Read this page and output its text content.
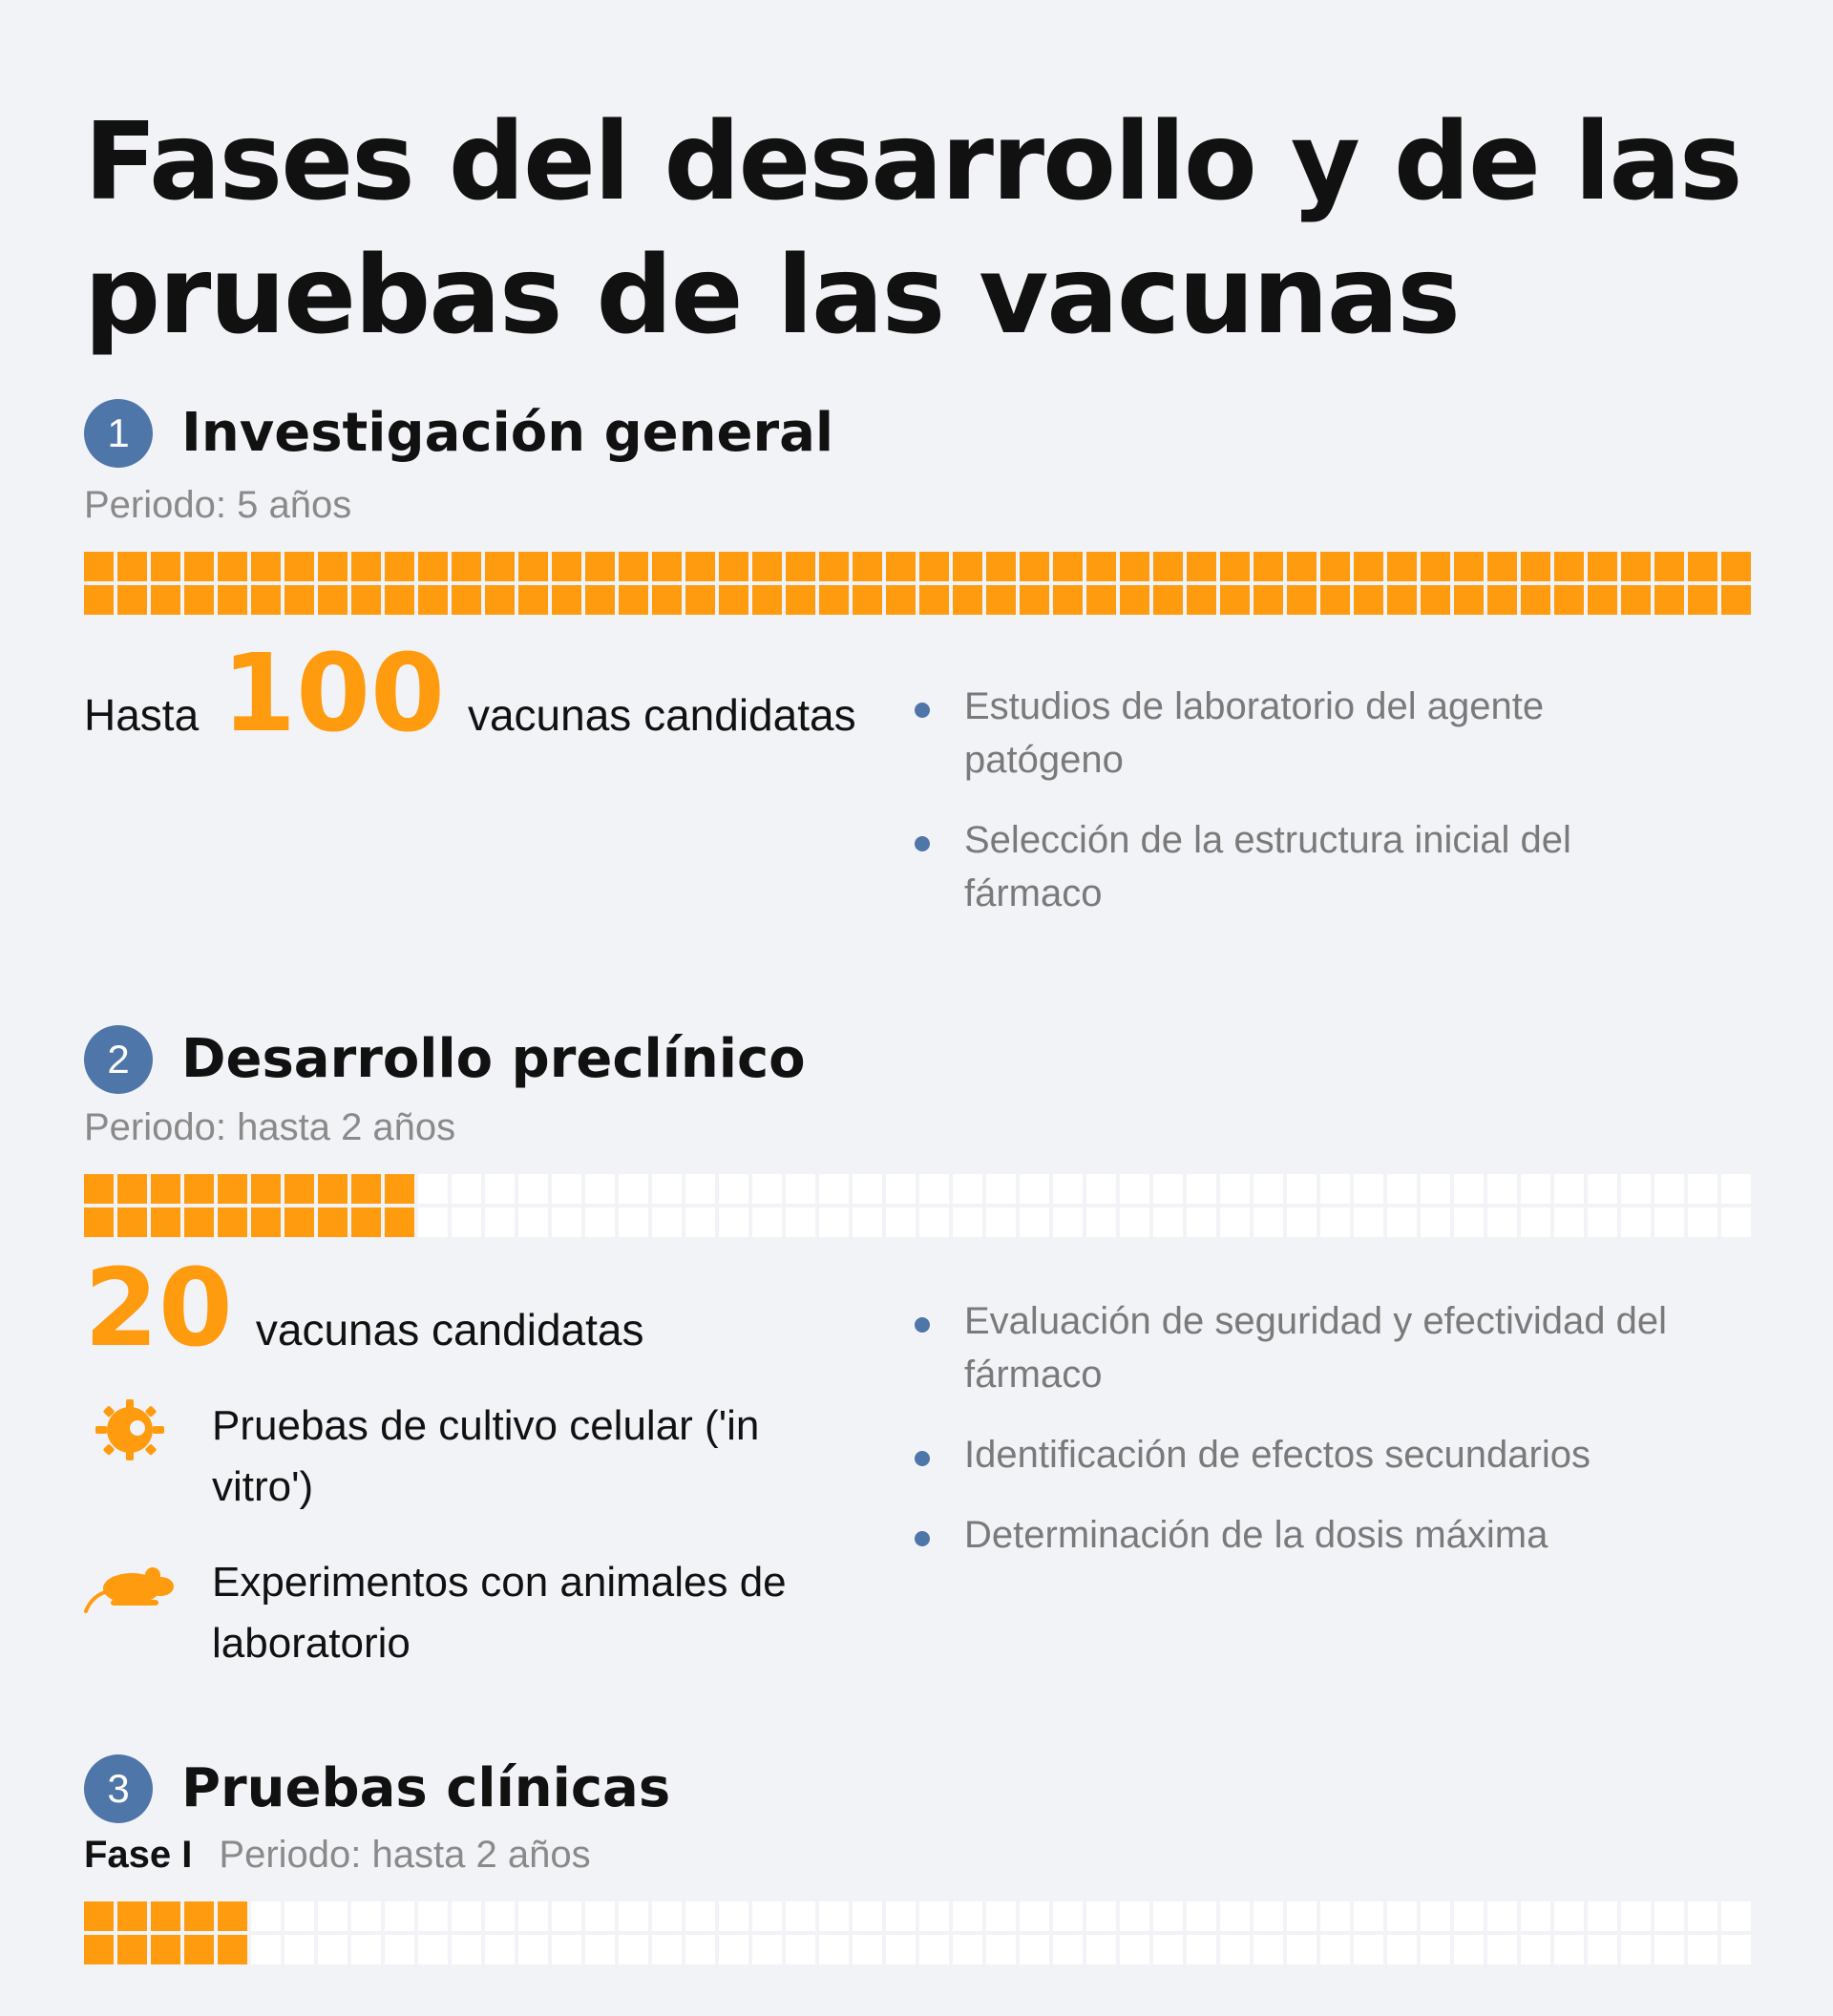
Fases del desarrollo y de las pruebas de las vacunas
1 Investigación general
Periodo: 5 años
Hasta 100 vacunas candidatas	Estudios de laboratorio del agente patógeno
Selección de la estructura inicial del fármaco
2 Desarrollo preclínico
Periodo: hasta 2 años
20 vacunas candidatas
Pruebas de cultivo celular ('in vitro')
Experimentos con animales de laboratorio
Evaluación de seguridad y efectividad del fármaco
Identificación de efectos secundarios
Determinación de la dosis máxima
3 Pruebas clínicas
Fase I Periodo: hasta 2 años
